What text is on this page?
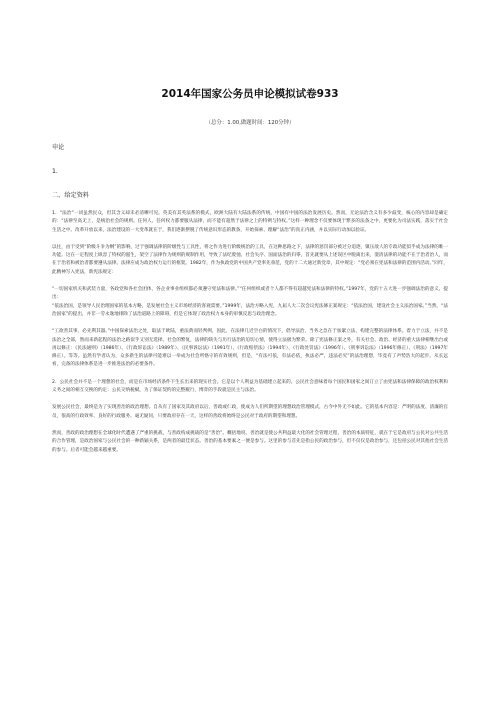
2014年国家公务员申论模拟试卷933
（总分：1.00,做题时间：120分钟）
申论
1.
二、给定资料

1．“法治”一词虽然民众，但其含义却未必清晰可见。英美有其英法系的模式，欧洲大陆有大陆法系的传统，中国有中国的法治发展历史。然而，无论法治含义有多少歧变，核心的内容却是确定的：“法律至高无上，是统治社会的规则。任何人、任何权力都要服从法律，而不能有超然于法律之上的特例与特权。”这样一种理念不仅要体现于繁多的法条之中，更要化为司法实践，落实于社会生活之中。改革开放以来，法治建设的一大变革就在于，我们逐渐摆脱了传统意识形态的教条，开始探索、理解“法治”的真正内涵，并以实际行动加以验证。

以往，由于受到“阶级斗争为纲”的影响，过于强调法律的阶级性与工具性，将之作为进行阶级统治的工具，在这种思路之下，法律的惩罚部分被过分追逐，镇压敌人的专政功能似乎成为法律的唯一功能。这在一定程度上纵容了特权的滋生，架空了法律作为规则的规制作用，导致了法纪废弛、社会失序、国面法治的归零，首先就要从上述误区中脱离出来，澄清法律的功能不在于治者治人，而在于治者和被治者都要遵从法律。法律应成为政治权力运行的框架。1982年，作为执政党的中国共产党率先垂范，党的十二大通过新党章，其中规定：“党必须在宪法和法律的范围内活动。”同年，此精神写入宪法，新宪法规定：

“一切国家机关和武装力量，各政党和各社会团体，各企业事业组织都必须遵守宪法和法律。”“任何组织或者个人都不得有超越宪法和法律的特权。”1997年，党的十五大进一步强调法治的意义，提出：

“依法治国，是领导人民治理国家的基本方略，是发展社会主义市场经济的客观需要。”1999年，法治方略入宪，九届人大二次会议宪法修正案规定：“依法治国，建设社会主义法治国家。”当然，“法治国家”的提出，并非一劳永逸地排除了法治道路上的障碍，但是它体现了政治权力本身的审慎反思与政治理念。

“工欲善其事，必先利其器。”中国探索法治之处，取法于欧陆，重法典而轻判例，因此，在法律几近空白的情况下，倡导法治，当务之急在于加紧立法，构建完整的法律体系。着力于立法，并不是法治之全部，然而来新起程的法治之路似乎又别无选择。社会的繁复，法律的缺失与历行法治的迫切心情，使得立法极为繁荣。除了宪法修正案之外，有关社会、政治、经济的重大法律相继出台或再以修正：《民法通则》（1986年）、《行政诉讼法》（1989年）、《民事诉讼法》（1991年）、《行政赔偿法》（1994年）、《行政处罚法》（1996年）、《刑事诉讼法》（1996年修正）、《刑法》（1997年修正）。等等。虽然有学者认为，众多新生的法律可能难以一举成为社会所恪守的有效规则，但是，“有法可依，有法必依，执法必严，违法必究”的法治理想，毕竟有了声势浩大的起步。从长远看，完备的法律体系是进一步推进法治的必要条件。

2．公民社会并不是一个理想的社会，而是在市场经济条件下生长出来的现实社会。它是以个人利益为基础建立起来的。公民社会意味着每个国民和国家之间订立了由宪法和法律保障的政治权利和义务之间的相互交换的约定：公民交纳税赋，为了保证契约的完整履行，博弈的手段就是民主与法治。

发展公民社会，最终是为了实现善治的政治理想。自从有了国家及其政府以后，善政或仁政，使成为人们所期望的理想政治管理模式，古今中外无不如此。它的基本内容是：严明的法度、清廉的官员，很高的行政效率、良好的行政服务。毫无疑问，只要政府存在一天，这样的善政将始终是公民对于政府的期望和理想。

然而，善政的政治理想在全球化时代遭遇了严重的挑战，与善政构成挑战的是“善治”。概括地说，善治就是使公共利益最大化的社会管理过程，善治的本质特征，就在于它是政府与公民对公共生活的合作管理，是政治国家与公民社会的一种新颖关系，是两者的最佳状态。善治的基本要素之一便是参与。这里的参与首先是指公民的政治参与，但不仅仅是政治参与，还包括公民对其他社会生活的参与。后者可能会越来越重要。
